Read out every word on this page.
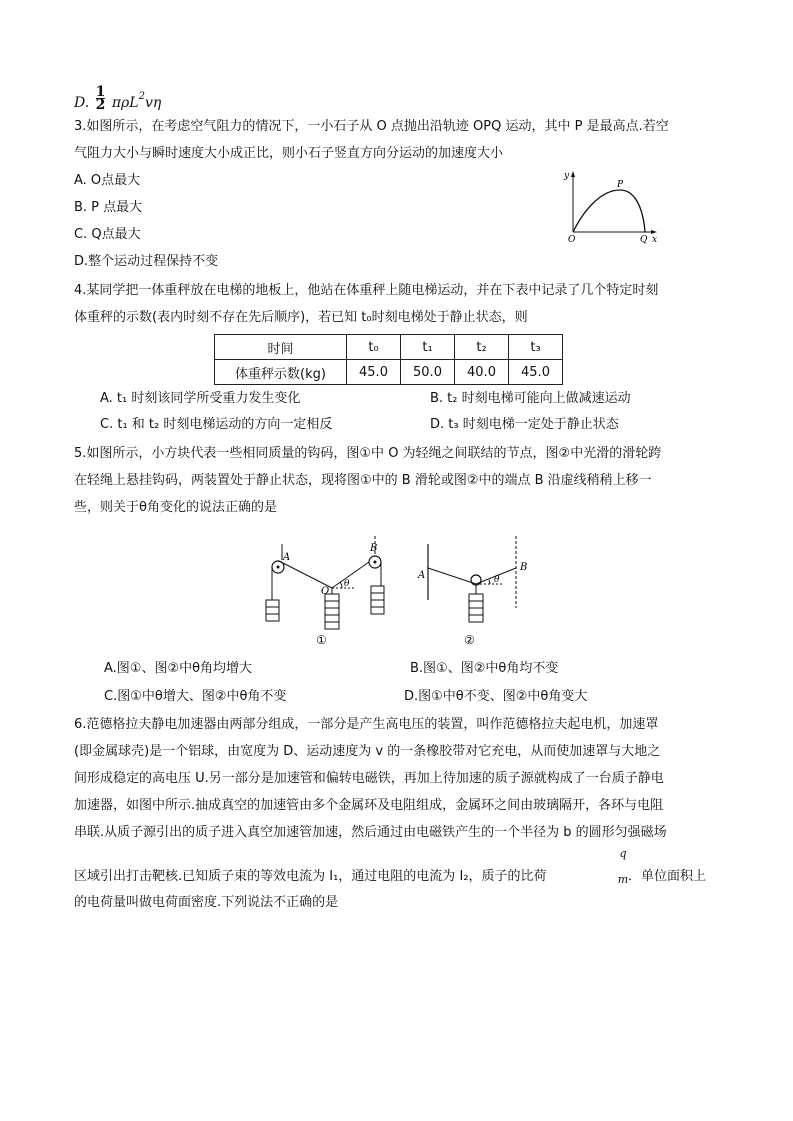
D. $\frac{1}{2} \pi\rho L^2v\eta$
3.如图所示，在考虑空气阻力的情况下，一小石子从 O 点抛出沿轨迹 OPQ 运动，其中 P 是最高点.若空
气阻力大小与瞬时速度大小成正比，则小石子竖直方向分运动的加速度大小
A. O点最大
B. P 点最大
C. Q点最大
D.整个运动过程保持不变
y
P
O	Q x
4.某同学把一体重秤放在电梯的地板上，他站在体重秤上随电梯运动，并在下表中记录了几个特定时刻
体重秤的示数(表内时刻不存在先后顺序)，若已知 t₀时刻电梯处于静止状态，则
时间	t₀	t₁	t₂	t₃
体重秤示数(kg)	45.0	50.0	40.0	45.0
A. t₁ 时刻该同学所受重力发生变化	B. t₂ 时刻电梯可能向上做减速运动
C. t₁ 和 t₂ 时刻电梯运动的方向一定相反	D. t₃ 时刻电梯一定处于静止状态
5.如图所示，小方块代表一些相同质量的钩码，图①中 O 为轻绳之间联结的节点，图②中光滑的滑轮跨
在轻绳上悬挂钩码，两装置处于静止状态，现将图①中的 B 滑轮或图②中的端点 B 沿虚线稍稍上移一
些，则关于θ角变化的说法正确的是
A
B
O
θ
①
A
B
θ
②
A.图①、图②中θ角均增大	B.图①、图②中θ角均不变
C.图①中θ增大、图②中θ角不变	D.图①中θ不变、图②中θ角变大
6.范德格拉夫静电加速器由两部分组成，一部分是产生高电压的装置，叫作范德格拉夫起电机，加速罩
(即金属球壳)是一个铝球，由宽度为 D、运动速度为 v 的一条橡胶带对它充电，从而使加速罩与大地之
间形成稳定的高电压 U.另一部分是加速管和偏转电磁铁，再加上待加速的质子源就构成了一台质子静电
加速器，如图中所示.抽成真空的加速管由多个金属环及电阻组成，金属环之间由玻璃隔开，各环与电阻
串联.从质子源引出的质子进入真空加速管加速，然后通过由电磁铁产生的一个半径为 b 的圆形匀强磁场
区域引出打击靶核.已知质子束的等效电流为 I₁，通过电阻的电流为 I₂，质子的比荷
q
m ．单位面积上
的电荷量叫做电荷面密度.下列说法不正确的是
